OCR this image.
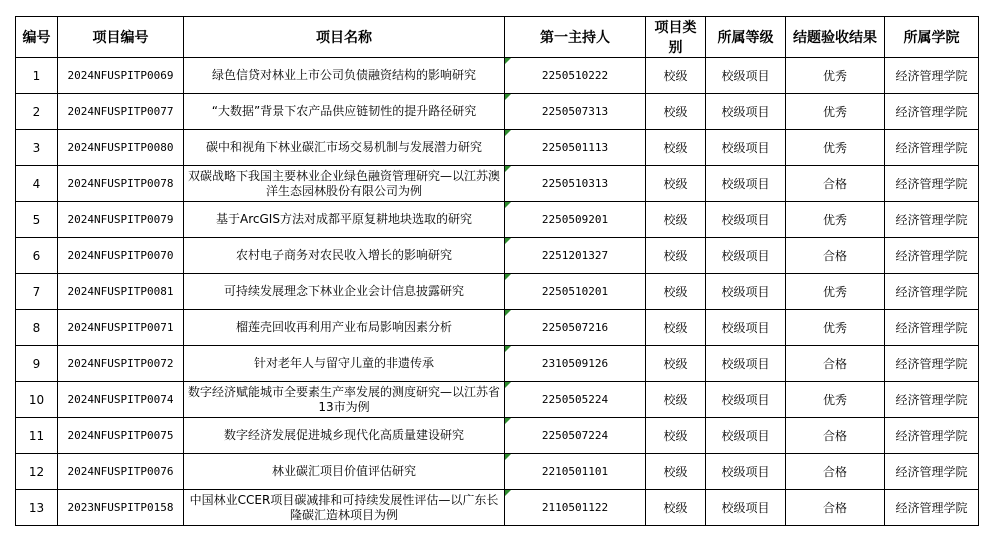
编号	项目编号	项目名称	第一主持人	项目类别	所属等级	结题验收结果	所属学院
1	2024NFUSPITP0069	绿色信贷对林业上市公司负债融资结构的影响研究	2250510222	校级	校级项目	优秀	经济管理学院
2	2024NFUSPITP0077	“大数据”背景下农产品供应链韧性的提升路径研究	2250507313	校级	校级项目	优秀	经济管理学院
3	2024NFUSPITP0080	碳中和视角下林业碳汇市场交易机制与发展潜力研究	2250501113	校级	校级项目	优秀	经济管理学院
4	2024NFUSPITP0078	双碳战略下我国主要林业企业绿色融资管理研究—以江苏澳洋生态园林股份有限公司为例	2250510313	校级	校级项目	合格	经济管理学院
5	2024NFUSPITP0079	基于ArcGIS方法对成都平原复耕地块选取的研究	2250509201	校级	校级项目	优秀	经济管理学院
6	2024NFUSPITP0070	农村电子商务对农民收入增长的影响研究	2251201327	校级	校级项目	合格	经济管理学院
7	2024NFUSPITP0081	可持续发展理念下林业企业会计信息披露研究	2250510201	校级	校级项目	优秀	经济管理学院
8	2024NFUSPITP0071	榴莲壳回收再利用产业布局影响因素分析	2250507216	校级	校级项目	优秀	经济管理学院
9	2024NFUSPITP0072	针对老年人与留守儿童的非遗传承	2310509126	校级	校级项目	合格	经济管理学院
10	2024NFUSPITP0074	数字经济赋能城市全要素生产率发展的测度研究—以江苏省13市为例	2250505224	校级	校级项目	优秀	经济管理学院
11	2024NFUSPITP0075	数字经济发展促进城乡现代化高质量建设研究	2250507224	校级	校级项目	合格	经济管理学院
12	2024NFUSPITP0076	林业碳汇项目价值评估研究	2210501101	校级	校级项目	合格	经济管理学院
13	2023NFUSPITP0158	中国林业CCER项目碳减排和可持续发展性评估—以广东长隆碳汇造林项目为例	2110501122	校级	校级项目	合格	经济管理学院
